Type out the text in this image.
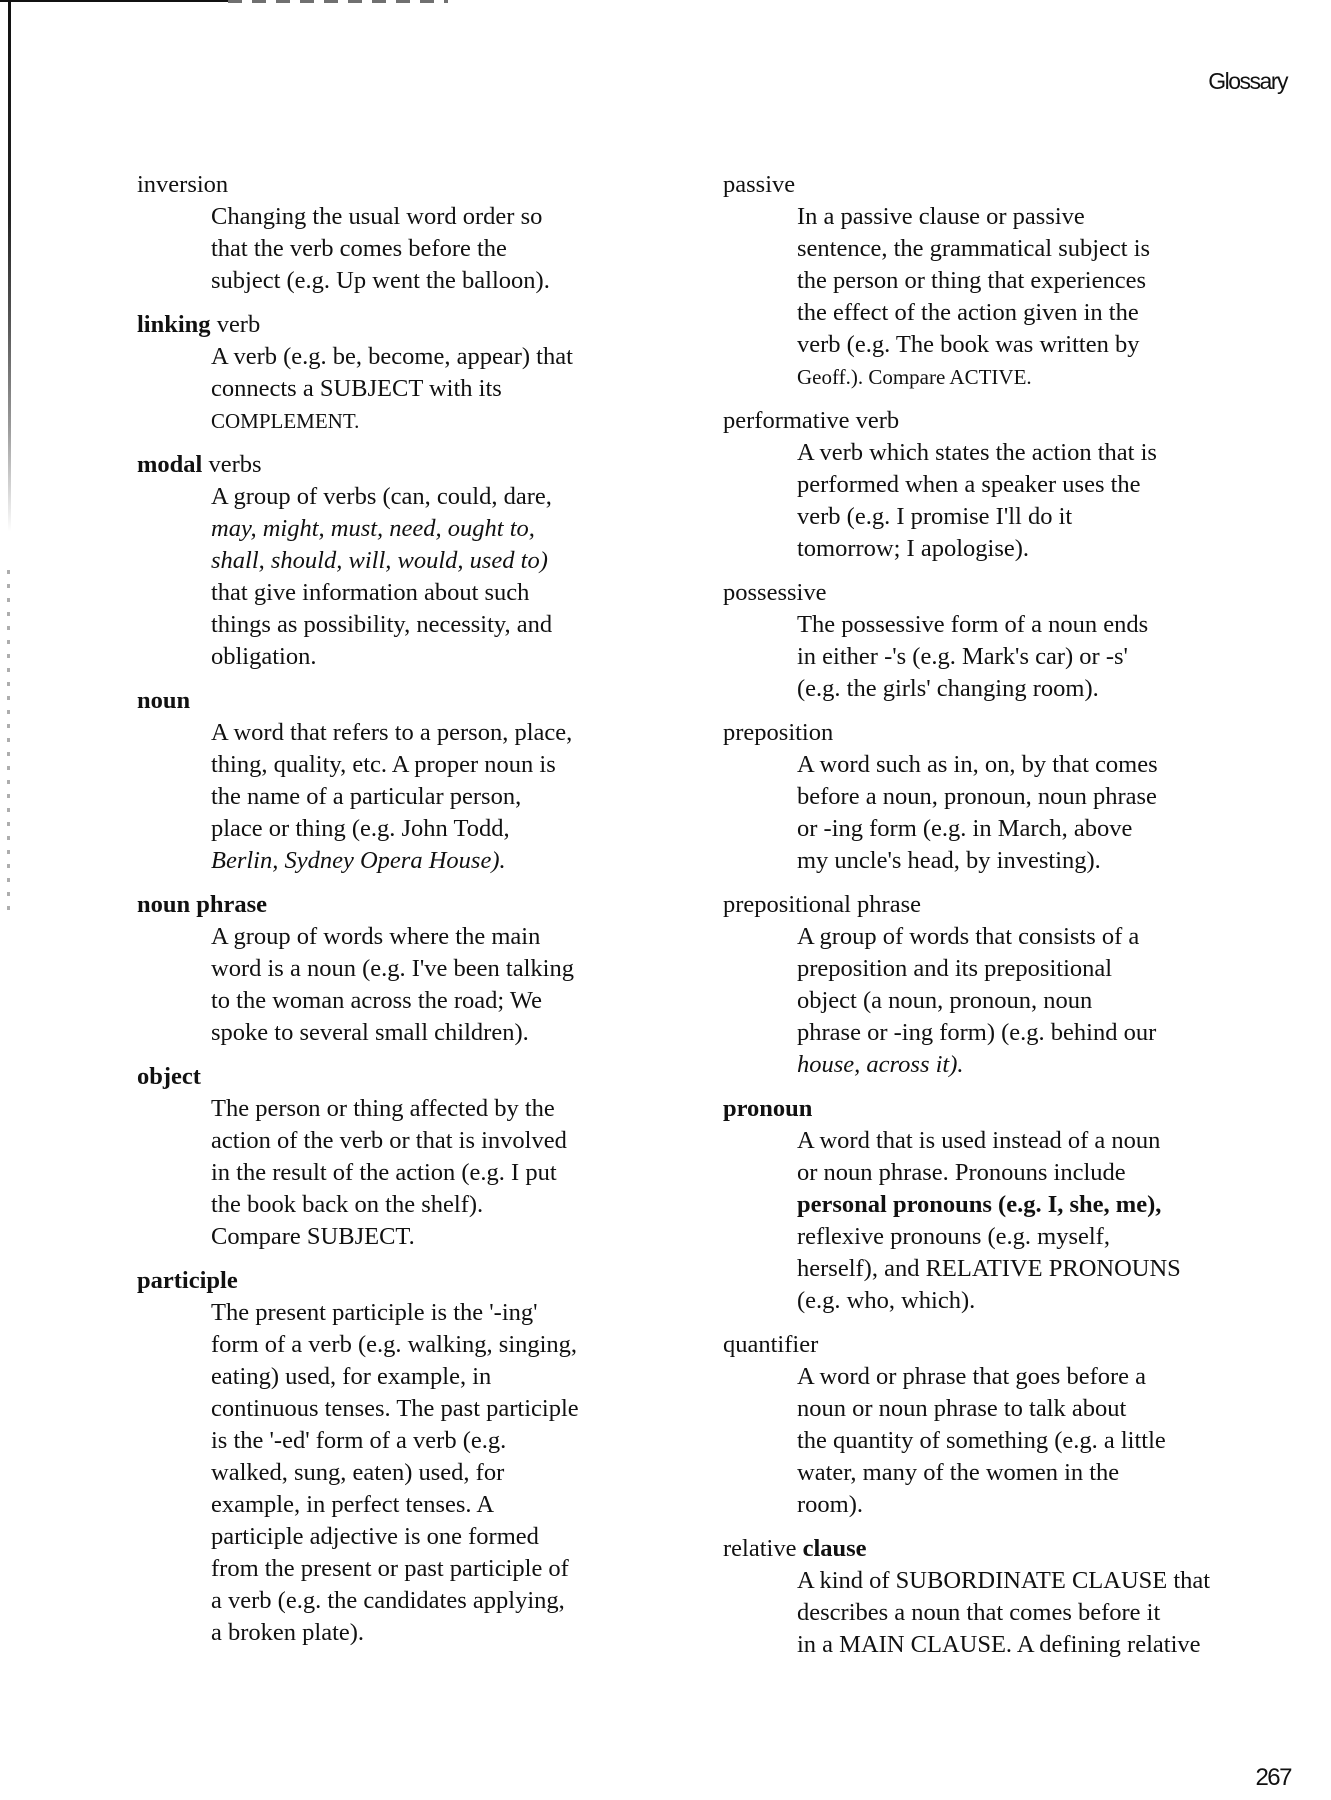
Glossary
inversion
Changing the usual word order so
that the verb comes before the
subject (e.g. Up went the balloon).
linking verb
A verb (e.g. be, become, appear) that
connects a SUBJECT with its
COMPLEMENT.
modal verbs
A group of verbs (can, could, dare,
may, might, must, need, ought to,
shall, should, will, would, used to)
that give information about such
things as possibility, necessity, and
obligation.
noun
A word that refers to a person, place,
thing, quality, etc. A proper noun is
the name of a particular person,
place or thing (e.g. John Todd,
Berlin, Sydney Opera House).
noun phrase
A group of words where the main
word is a noun (e.g. I've been talking
to the woman across the road; We
spoke to several small children).
object
The person or thing affected by the
action of the verb or that is involved
in the result of the action (e.g. I put
the book back on the shelf).
Compare SUBJECT.
participle
The present participle is the '-ing'
form of a verb (e.g. walking, singing,
eating) used, for example, in
continuous tenses. The past participle
is the '-ed' form of a verb (e.g.
walked, sung, eaten) used, for
example, in perfect tenses. A
participle adjective is one formed
from the present or past participle of
a verb (e.g. the candidates applying,
a broken plate).
passive
In a passive clause or passive
sentence, the grammatical subject is
the person or thing that experiences
the effect of the action given in the
verb (e.g. The book was written by
Geoff.). Compare ACTIVE.
performative verb
A verb which states the action that is
performed when a speaker uses the
verb (e.g. I promise I'll do it
tomorrow; I apologise).
possessive
The possessive form of a noun ends
in either -'s (e.g. Mark's car) or -s'
(e.g. the girls' changing room).
preposition
A word such as in, on, by that comes
before a noun, pronoun, noun phrase
or -ing form (e.g. in March, above
my uncle's head, by investing).
prepositional phrase
A group of words that consists of a
preposition and its prepositional
object (a noun, pronoun, noun
phrase or -ing form) (e.g. behind our
house, across it).
pronoun
A word that is used instead of a noun
or noun phrase. Pronouns include
personal pronouns (e.g. I, she, me),
reflexive pronouns (e.g. myself,
herself), and RELATIVE PRONOUNS
(e.g. who, which).
quantifier
A word or phrase that goes before a
noun or noun phrase to talk about
the quantity of something (e.g. a little
water, many of the women in the
room).
relative clause
A kind of SUBORDINATE CLAUSE that
describes a noun that comes before it
in a MAIN CLAUSE. A defining relative
267
